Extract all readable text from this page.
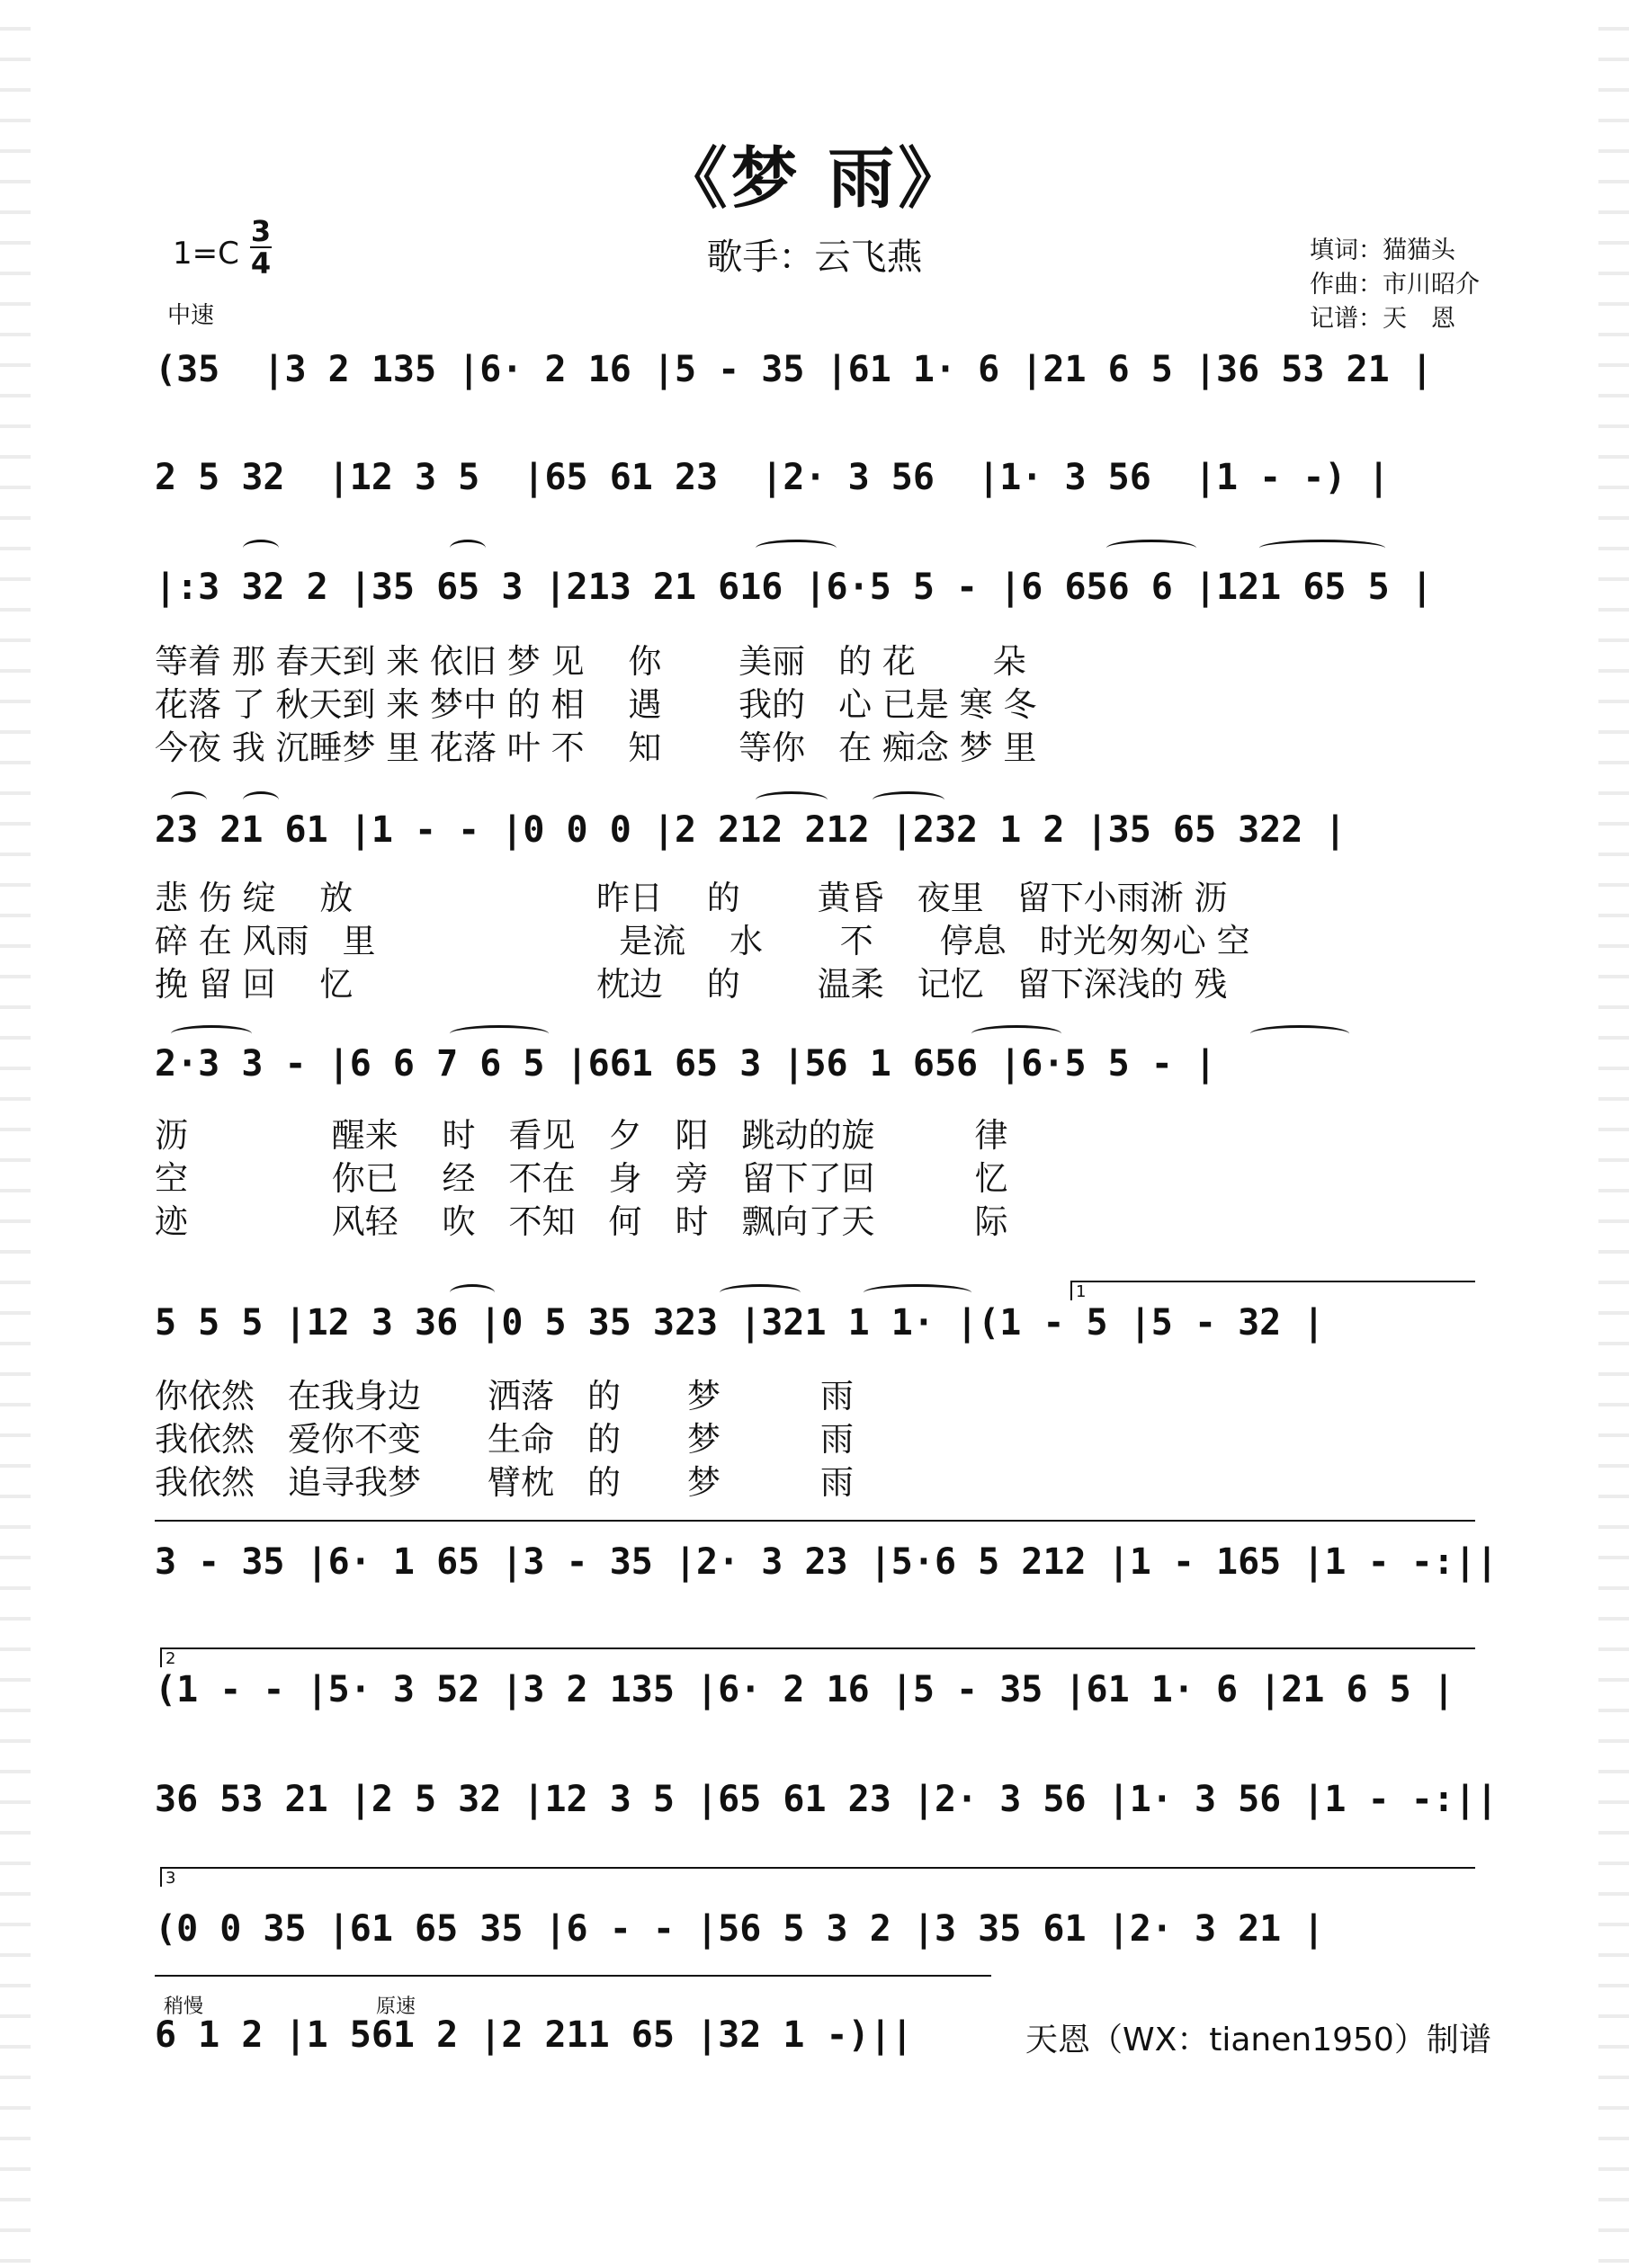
《梦 雨》
1=C
3
4
中速
歌手：云飞燕	填词：猫猫头
作曲：市川昭介
记谱：天　恩
(35  |3 2 135 |6· 2 16 |5 - 35 |61 1· 6 |21 6 5 |36 53 21 |
2 5 32  |12 3 5  |65 61 23  |2· 3 56  |1· 3 56  |1 - -) |
|:3 32 2 |35 65 3 |213 21 616 |6·5 5 - |6 656 6 |121 65 5 |
等着 那 春天到 来 依旧 梦 见　 你　　 美丽　的 花　　 朵
花落 了 秋天到 来 梦中 的 相　 遇　　 我的　心 已是 寒 冬
今夜 我 沉睡梦 里 花落 叶 不　 知　　 等你　在 痴念 梦 里
23 21 61 |1 - - |0 0 0 |2 212 212 |232 1 2 |35 65 322 |
悲 伤 绽　 放　　　　　　　 昨日　 的　　 黄昏　夜里　留下小雨淅 沥
碎 在 风雨　里　　　　　　　 是流　 水　　 不　　停息　时光匆匆心 空
挽 留 回　 忆　　　　　　　 枕边　 的　　 温柔　记忆　留下深浅的 残
2·3 3 - |6 6 7 6 5 |661 65 3 |56 1 656 |6·5 5 - |
沥　　　　 醒来　 时　看见　夕　阳　跳动的旋　　　律
空　　　　 你已　 经　不在　身　旁　留下了回　　　忆
迹　　　　 风轻　 吹　不知　何　时　飘向了天　　　际
1
5 5 5 |12 3 36 |0 5 35 323 |321 1 1· |(1 - 5 |5 - 32 |
你依然　在我身边　　洒落　的　　梦　　　雨
我依然　爱你不变　　生命　的　　梦　　　雨
我依然　追寻我梦　　臂枕　的　　梦　　　雨
3 - 35 |6· 1 65 |3 - 35 |2· 3 23 |5·6 5 212 |1 - 165 |1 - -:||
2
(1 - - |5· 3 52 |3 2 135 |6· 2 16 |5 - 35 |61 1· 6 |21 6 5 |
36 53 21 |2 5 32 |12 3 5 |65 61 23 |2· 3 56 |1· 3 56 |1 - -:||
3
(0 0 35 |61 65 35 |6 - - |56 5 3 2 |3 35 61 |2· 3 21 |
稍慢	原速
6 1 2 |1 561 2 |2 211 65 |32 1 -)||	天恩（WX：tianen1950）制谱
